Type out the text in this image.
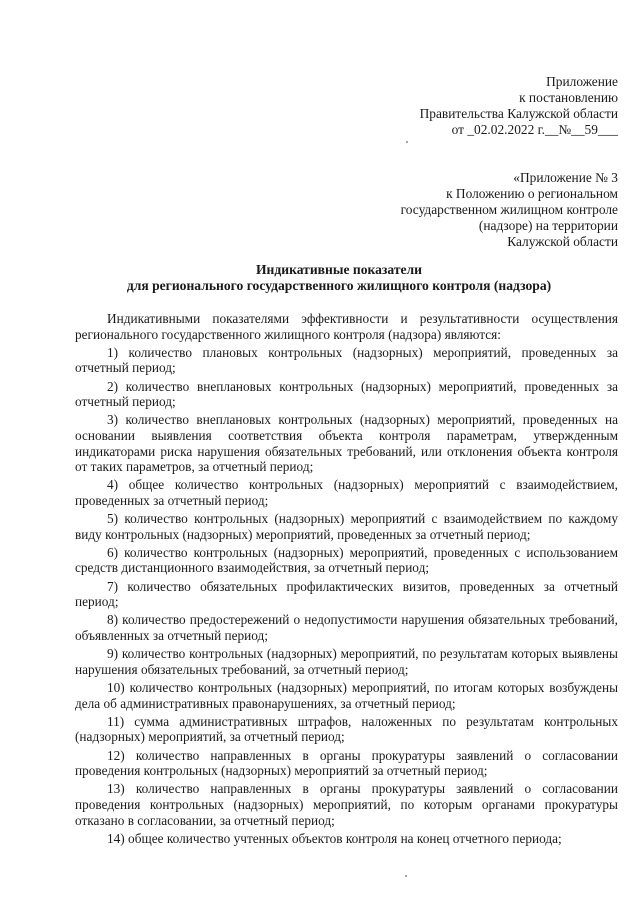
Приложение
к постановлению
Правительства Калужской области
от _02.02.2022 г.__№__59___
«Приложение № 3
к Положению о региональном
государственном жилищном контроле
(надзоре) на территории
Калужской области
Индикативные показатели
для регионального государственного жилищного контроля (надзора)

Индикативными показателями эффективности и результативности осуществления регионального государственного жилищного контроля (надзора) являются:

1) количество плановых контрольных (надзорных) мероприятий, проведенных за отчетный период;

2) количество внеплановых контрольных (надзорных) мероприятий, проведенных за отчетный период;

3) количество внеплановых контрольных (надзорных) мероприятий, проведенных на основании выявления соответствия объекта контроля параметрам, утвержденным индикаторами риска нарушения обязательных требований, или отклонения объекта контроля от таких параметров, за отчетный период;

4) общее количество контрольных (надзорных) мероприятий с взаимодействием, проведенных за отчетный период;

5) количество контрольных (надзорных) мероприятий с взаимодействием по каждому виду контрольных (надзорных) мероприятий, проведенных за отчетный период;

6) количество контрольных (надзорных) мероприятий, проведенных с использованием средств дистанционного взаимодействия, за отчетный период;

7) количество обязательных профилактических визитов, проведенных за отчетный период;

8) количество предостережений о недопустимости нарушения обязательных требований, объявленных за отчетный период;

9) количество контрольных (надзорных) мероприятий, по результатам которых выявлены нарушения обязательных требований, за отчетный период;

10) количество контрольных (надзорных) мероприятий, по итогам которых возбуждены дела об административных правонарушениях, за отчетный период;

11) сумма административных штрафов, наложенных по результатам контрольных (надзорных) мероприятий, за отчетный период;

12) количество направленных в органы прокуратуры заявлений о согласовании проведения контрольных (надзорных) мероприятий за отчетный период;

13) количество направленных в органы прокуратуры заявлений о согласовании проведения контрольных (надзорных) мероприятий, по которым органами прокуратуры отказано в согласовании, за отчетный период;

14) общее количество учтенных объектов контроля на конец отчетного периода;
